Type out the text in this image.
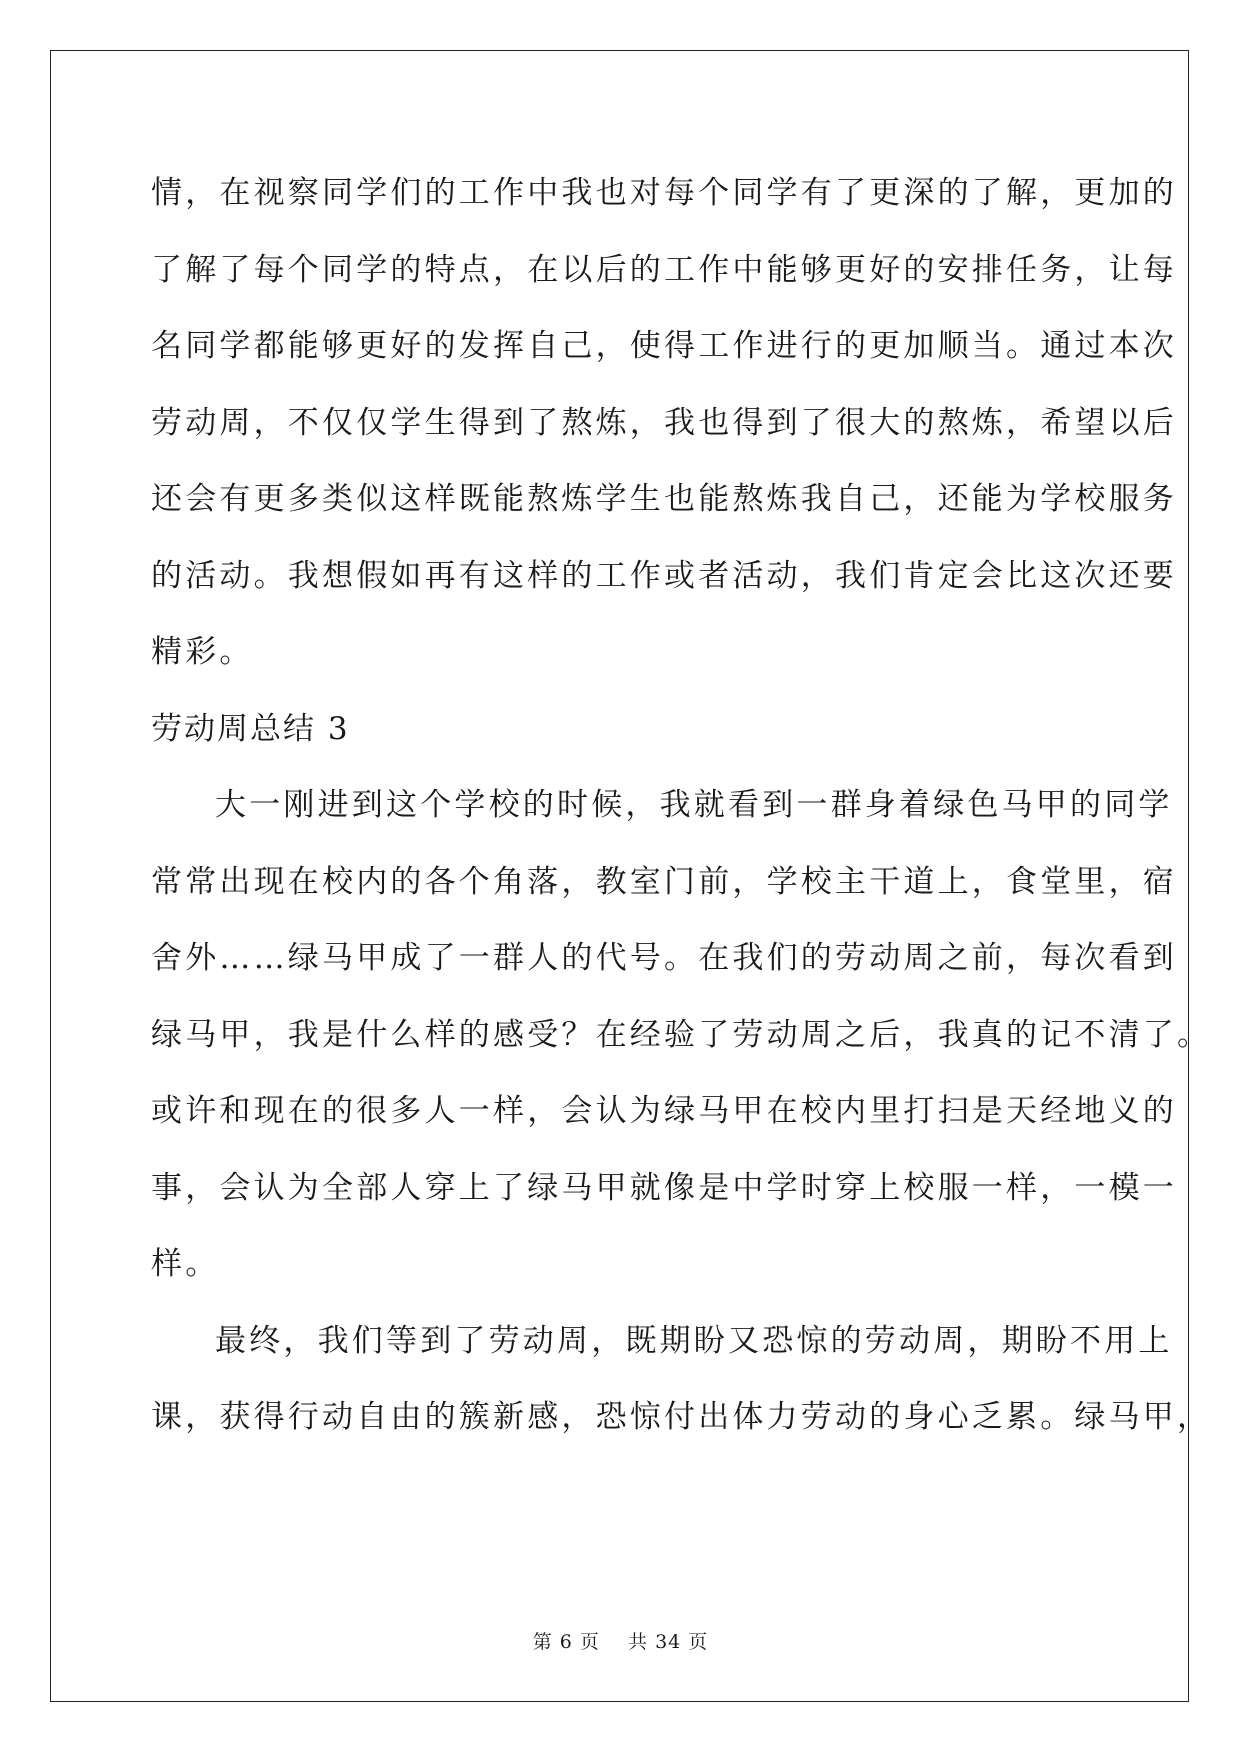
情，在视察同学们的工作中我也对每个同学有了更深的了解，更加的
了解了每个同学的特点，在以后的工作中能够更好的安排任务，让每
名同学都能够更好的发挥自己，使得工作进行的更加顺当。通过本次
劳动周，不仅仅学生得到了熬炼，我也得到了很大的熬炼，希望以后
还会有更多类似这样既能熬炼学生也能熬炼我自己，还能为学校服务
的活动。我想假如再有这样的工作或者活动，我们肯定会比这次还要
精彩。
劳动周总结 3
大一刚进到这个学校的时候，我就看到一群身着绿色马甲的同学
常常出现在校内的各个角落，教室门前，学校主干道上，食堂里，宿
舍外……绿马甲成了一群人的代号。在我们的劳动周之前，每次看到
绿马甲，我是什么样的感受？在经验了劳动周之后，我真的记不清了。
或许和现在的很多人一样，会认为绿马甲在校内里打扫是天经地义的
事，会认为全部人穿上了绿马甲就像是中学时穿上校服一样，一模一
样。
最终，我们等到了劳动周，既期盼又恐惊的劳动周，期盼不用上
课，获得行动自由的簇新感，恐惊付出体力劳动的身心乏累。绿马甲，
第 6 页    共 34 页
